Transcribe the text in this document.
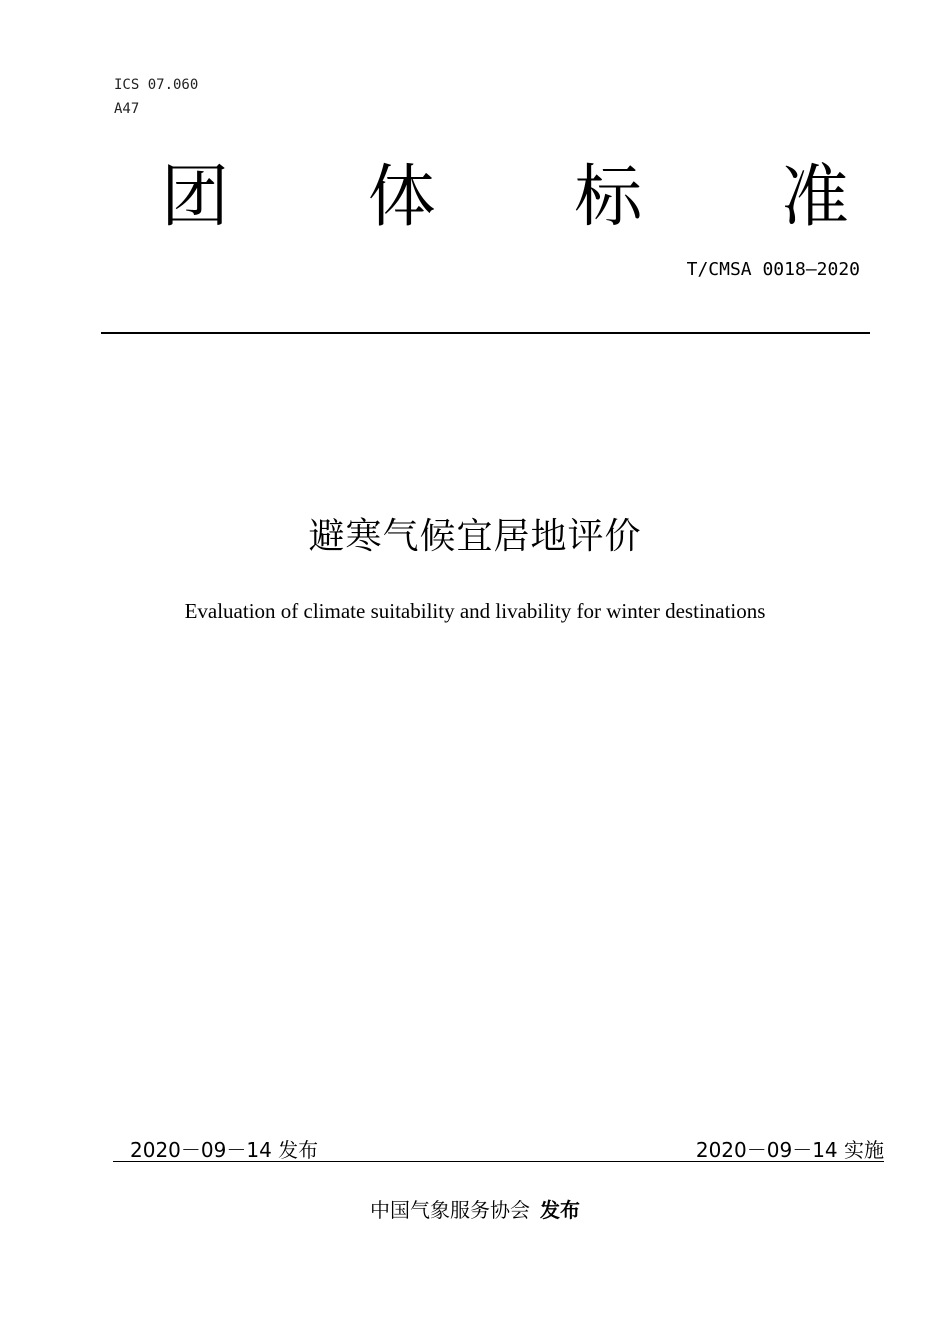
ICS 07.060
A47
团 体 标 准
T/CMSA 0018—2020
避寒气候宜居地评价
Evaluation of climate suitability and livability for winter destinations
2020－09－14 发布	2020－09－14 实施
中国气象服务协会 发布
